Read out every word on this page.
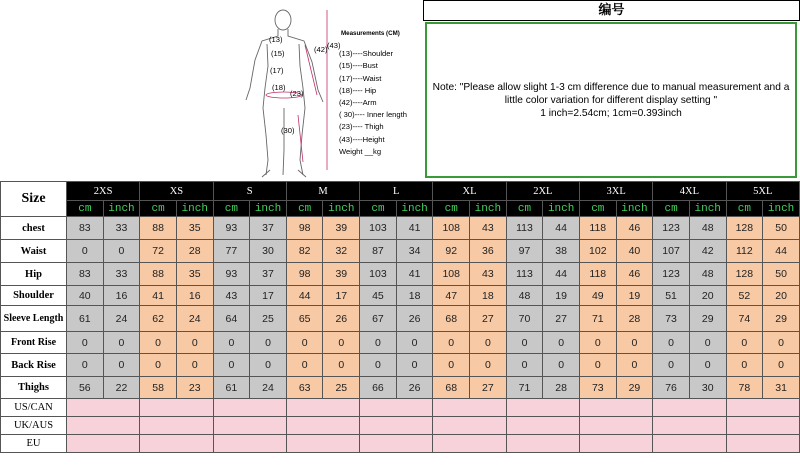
(13)
(15)
(17)
(18)
(42) (43)
(23)
(30)
Measurements (CM)
(13)----Shoulder
(15)----Bust
(17)----Waist
(18)---- Hip
(42)----Arm
( 30)---- Inner length
(23)---- Thigh
(43)----Height
Weight __kg
编号
Note: "Please allow slight 1-3 cm difference due to manual measurement and a
little color variation for different display setting "
1 inch=2.54cm; 1cm=0.393inch
Size	2XS		XS		S		M		L		XL		2XL		3XL		4XL		5XL	
	cm	inch	cm	inch	cm	inch	cm	inch	cm	inch	cm	inch	cm	inch	cm	inch	cm	inch	cm	inch
chest	83	33	88	35	93	37	98	39	103	41	108	43	113	44	118	46	123	48	128	50
Waist	0	0	72	28	77	30	82	32	87	34	92	36	97	38	102	40	107	42	112	44
Hip	83	33	88	35	93	37	98	39	103	41	108	43	113	44	118	46	123	48	128	50
Shoulder	40	16	41	16	43	17	44	17	45	18	47	18	48	19	49	19	51	20	52	20
Sleeve Length	61	24	62	24	64	25	65	26	67	26	68	27	70	27	71	28	73	29	74	29
Front Rise	0	0	0	0	0	0	0	0	0	0	0	0	0	0	0	0	0	0	0	0
Back Rise	0	0	0	0	0	0	0	0	0	0	0	0	0	0	0	0	0	0	0	0
Thighs	56	22	58	23	61	24	63	25	66	26	68	27	71	28	73	29	76	30	78	31
US/CAN																				
UK/AUS																				
EU																				
